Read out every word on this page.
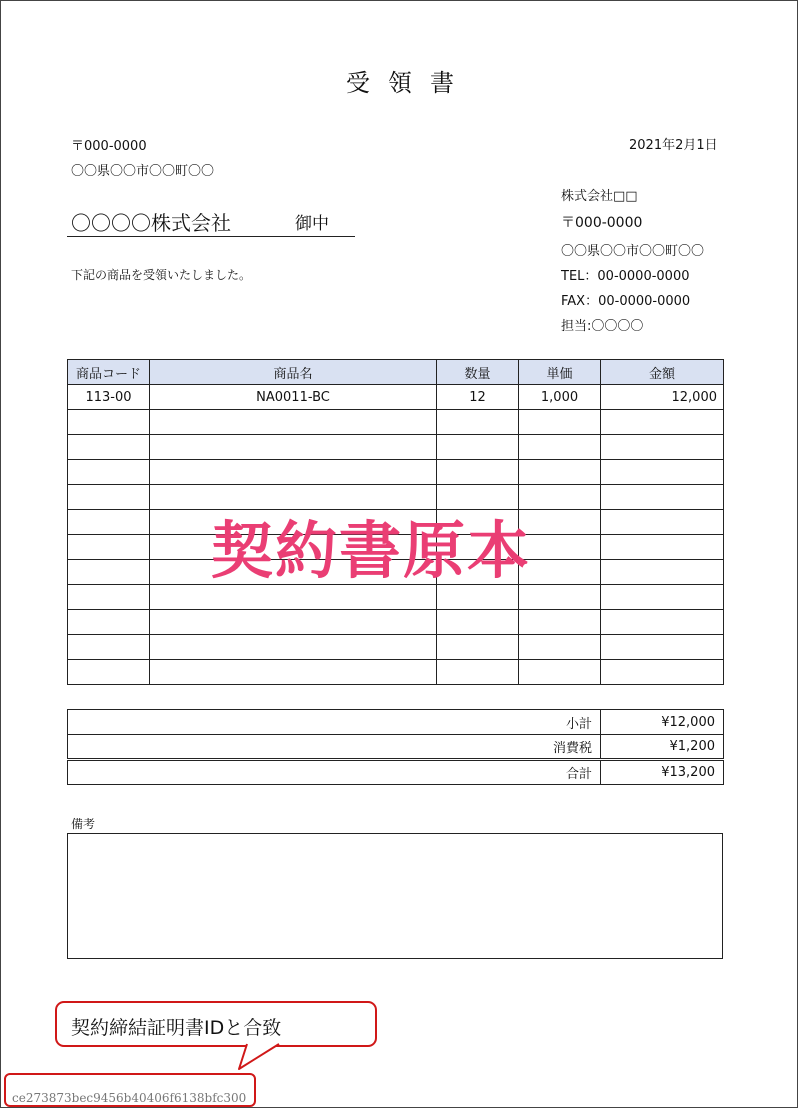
受領書
〒000-0000
〇〇県〇〇市〇〇町〇〇
2021年2月1日
〇〇〇〇株式会社	御中
下記の商品を受領いたしました。
株式会社□□
〒000-0000
〇〇県〇〇市〇〇町〇〇
TEL：00-0000-0000
FAX：00-0000-0000
担当:〇〇〇〇
商品コード	商品名	数量	単価	金額
113-00	NA0011-BC	12	1,000	12,000

小計	¥12,000
消費税	¥1,200
合計	¥13,200
備考
契約書原本
契約締結証明書IDと合致
ce273873bec9456b40406f6138bfc300
